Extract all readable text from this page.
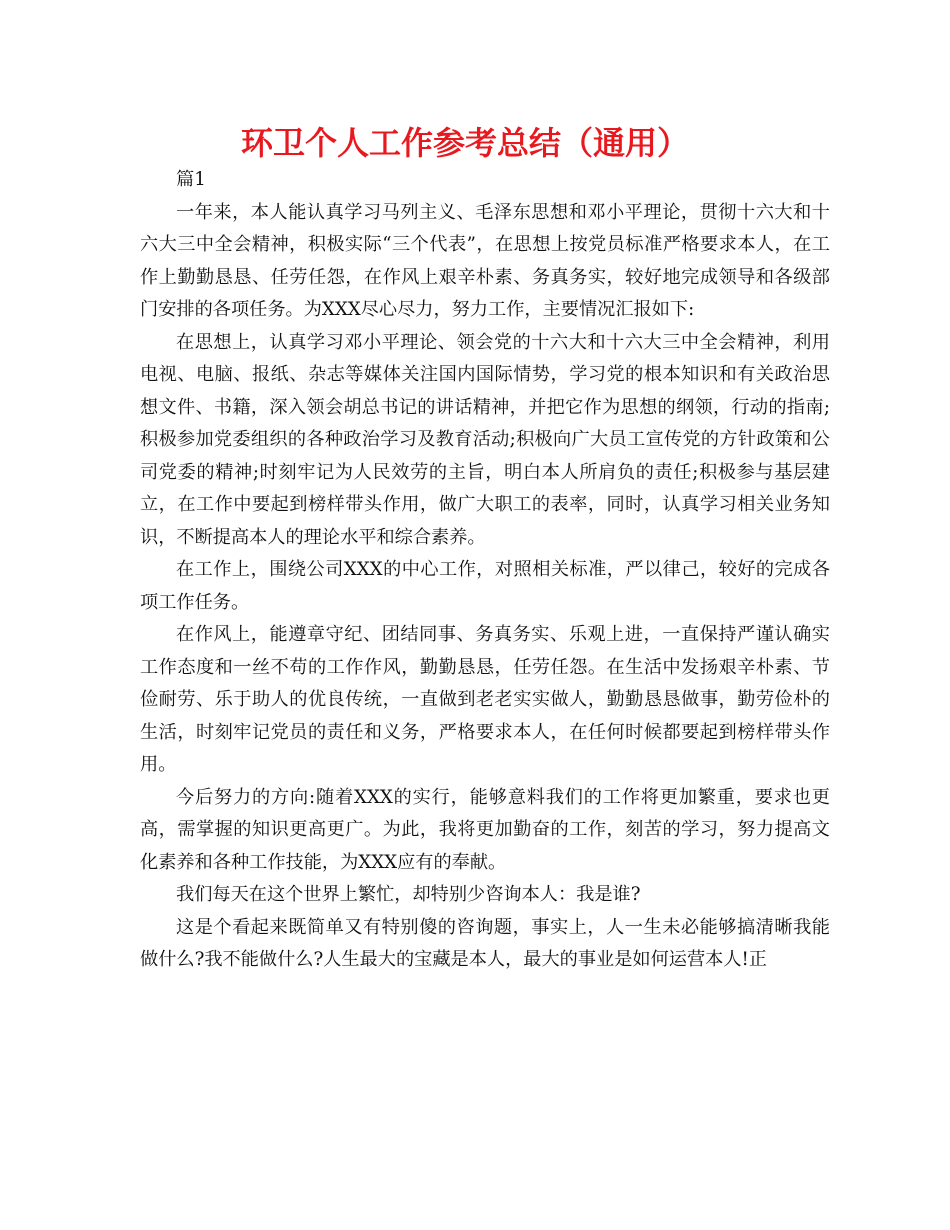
环卫个人工作参考总结（通用）

篇1

一年来，本人能认真学习马列主义、毛泽东思想和邓小平理论，贯彻十六大和十六大三中全会精神，积极实际“三个代表”，在思想上按党员标准严格要求本人，在工作上勤勤恳恳、任劳任怨，在作风上艰辛朴素、务真务实，较好地完成领导和各级部门安排的各项任务。为XXX尽心尽力，努力工作，主要情况汇报如下:

在思想上，认真学习邓小平理论、领会党的十六大和十六大三中全会精神，利用电视、电脑、报纸、杂志等媒体关注国内国际情势，学习党的根本知识和有关政治思想文件、书籍，深入领会胡总书记的讲话精神，并把它作为思想的纲领，行动的指南;积极参加党委组织的各种政治学习及教育活动;积极向广大员工宣传党的方针政策和公司党委的精神;时刻牢记为人民效劳的主旨，明白本人所肩负的责任;积极参与基层建立，在工作中要起到榜样带头作用，做广大职工的表率，同时，认真学习相关业务知识，不断提高本人的理论水平和综合素养。

在工作上，围绕公司XXX的中心工作，对照相关标准，严以律己，较好的完成各项工作任务。

在作风上，能遵章守纪、团结同事、务真务实、乐观上进，一直保持严谨认确实工作态度和一丝不苟的工作作风，勤勤恳恳，任劳任怨。在生活中发扬艰辛朴素、节俭耐劳、乐于助人的优良传统，一直做到老老实实做人，勤勤恳恳做事，勤劳俭朴的生活，时刻牢记党员的责任和义务，严格要求本人，在任何时候都要起到榜样带头作用。

今后努力的方向:随着XXX的实行，能够意料我们的工作将更加繁重，要求也更高，需掌握的知识更高更广。为此，我将更加勤奋的工作，刻苦的学习，努力提高文化素养和各种工作技能，为XXX应有的奉献。

我们每天在这个世界上繁忙，却特别少咨询本人：我是谁?

这是个看起来既简单又有特别傻的咨询题，事实上，人一生未必能够搞清晰我能做什么?我不能做什么?人生最大的宝藏是本人，最大的事业是如何运营本人!正
